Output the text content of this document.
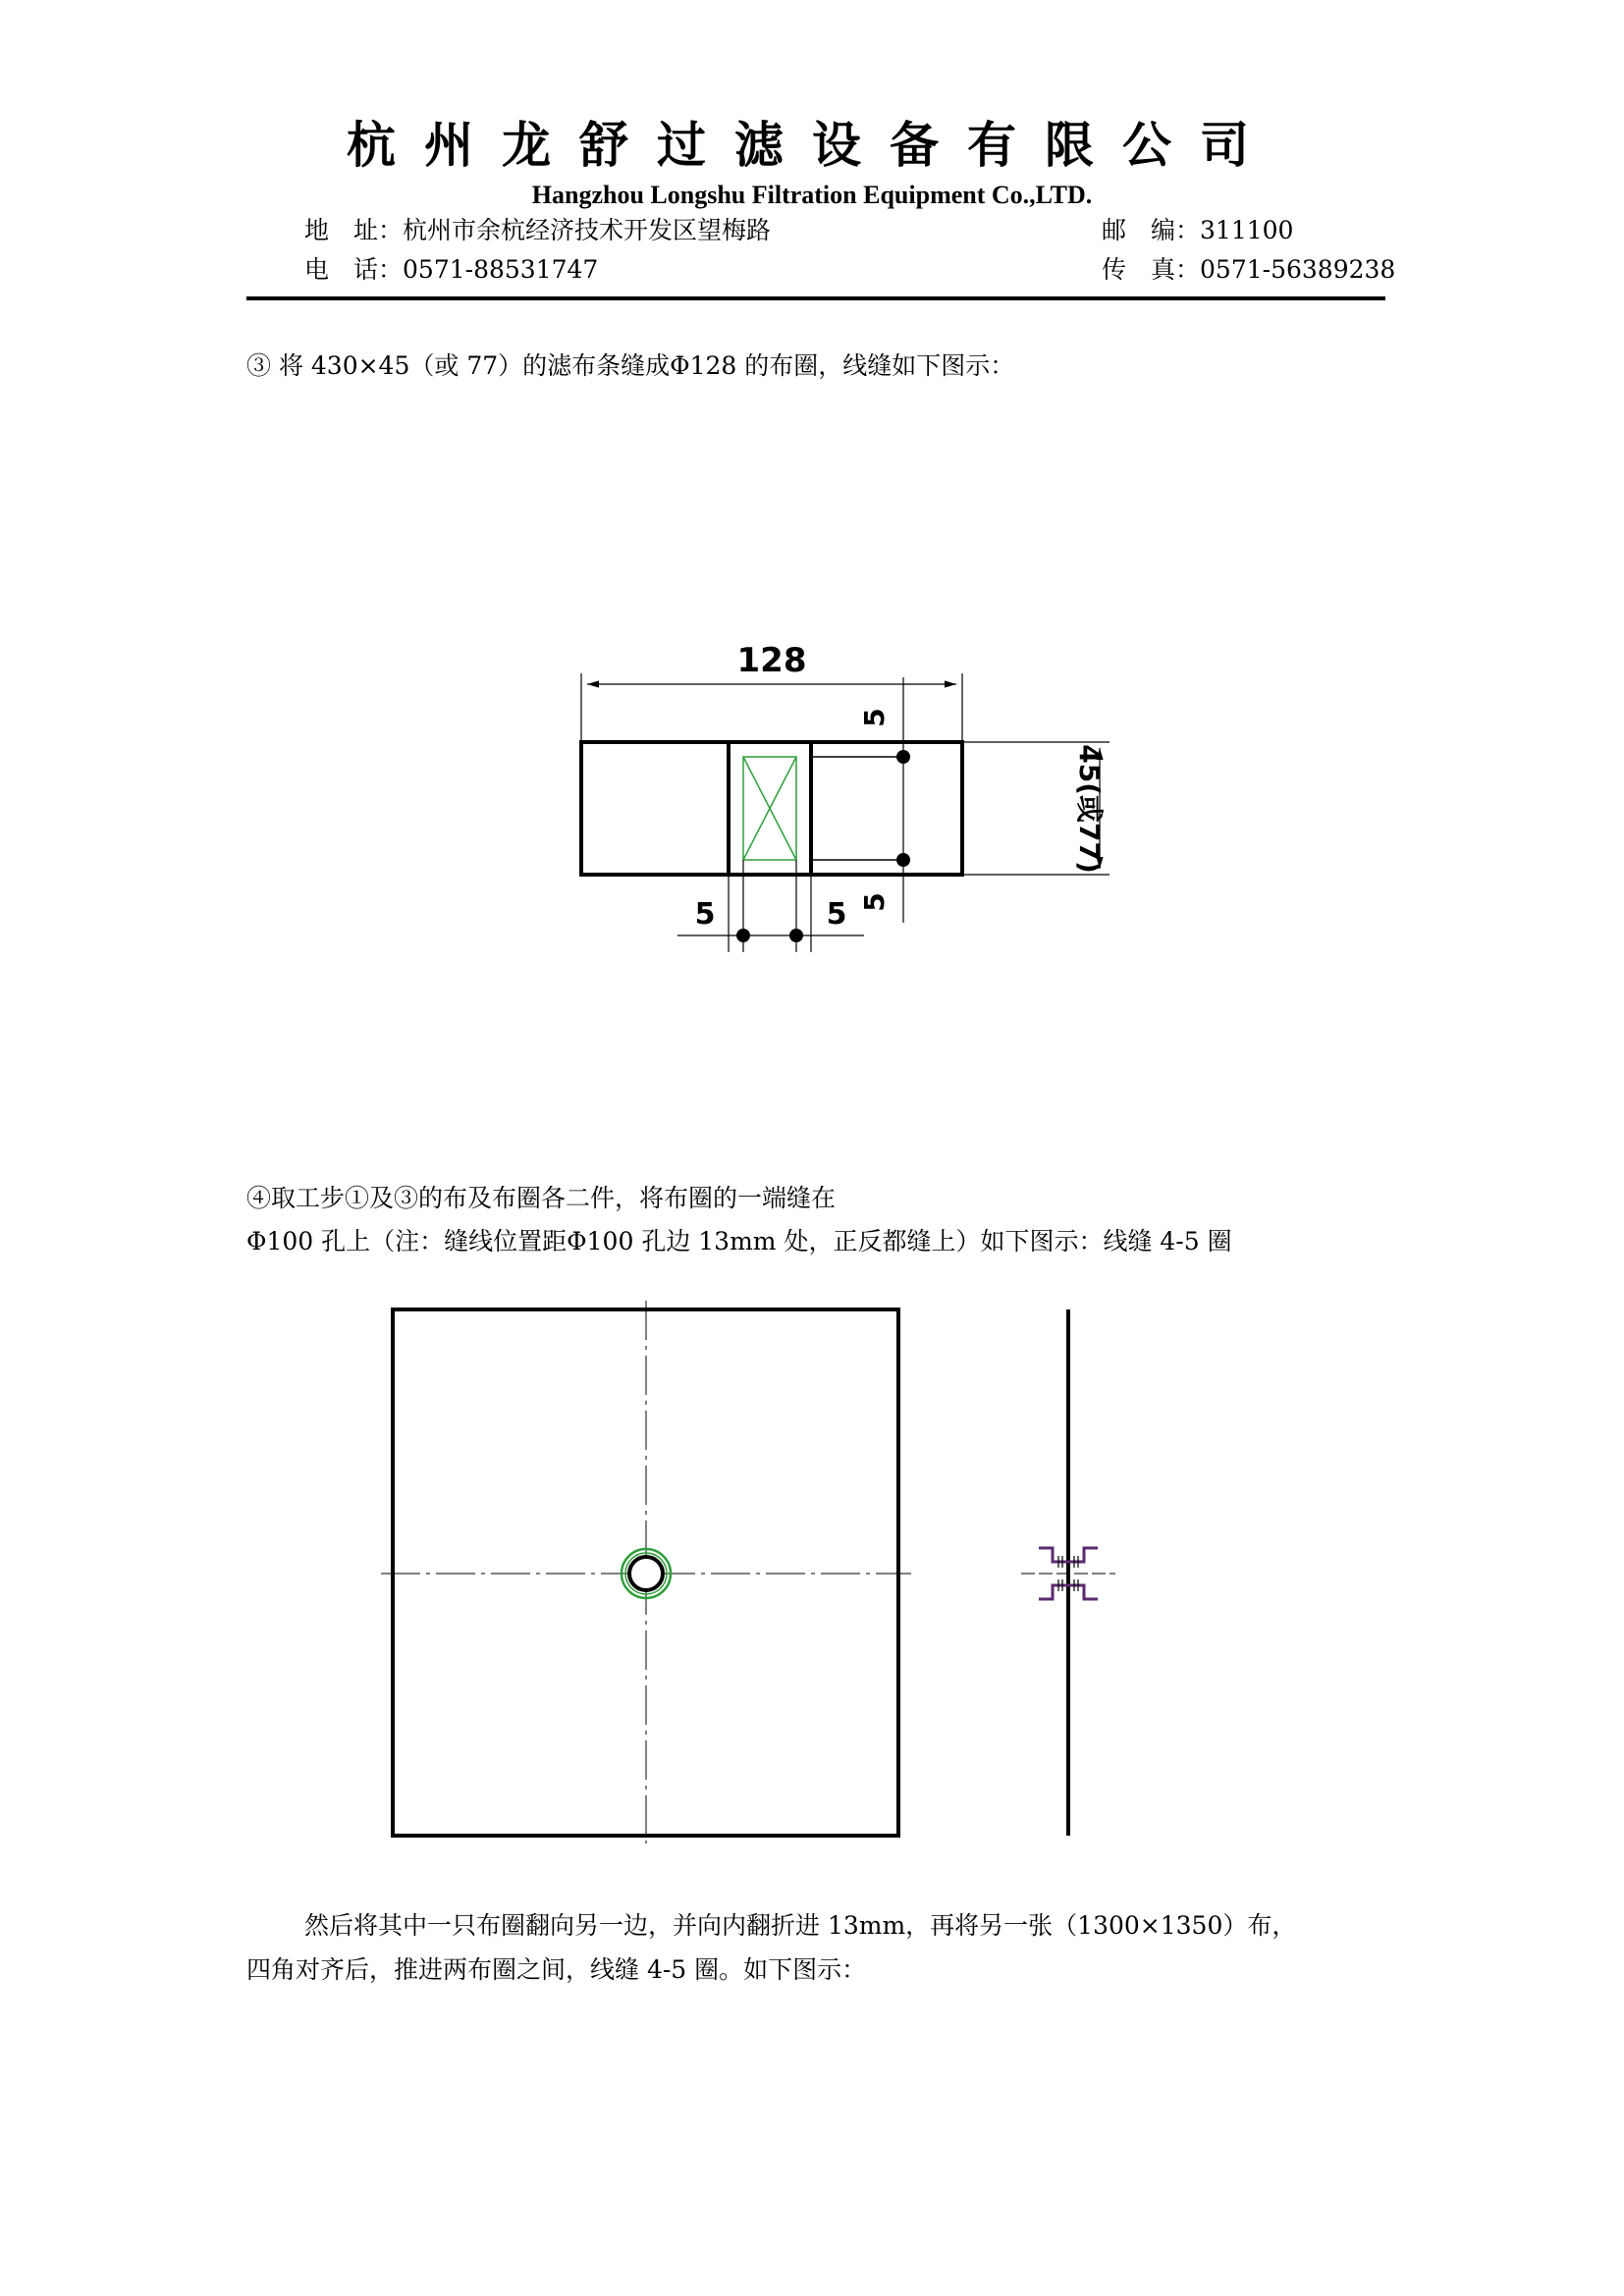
杭州龙舒过滤设备有限公司
Hangzhou Longshu Filtration Equipment Co.,LTD.
地　址：杭州市余杭经济技术开发区望梅路	邮　编：311100
电　话：0571-88531747	传　真：0571-56389238
③ 将 430×45（或 77）的滤布条缝成Φ128 的布圈，线缝如下图示：
128
5
5
45(或77)
5	5
④取工步①及③的布及布圈各二件，将布圈的一端缝在
Φ100 孔上（注：缝线位置距Φ100 孔边 13mm 处，正反都缝上）如下图示：线缝 4-5 圈
然后将其中一只布圈翻向另一边，并向内翻折进 13mm，再将另一张（1300×1350）布，
四角对齐后，推进两布圈之间，线缝 4-5 圈。如下图示：
